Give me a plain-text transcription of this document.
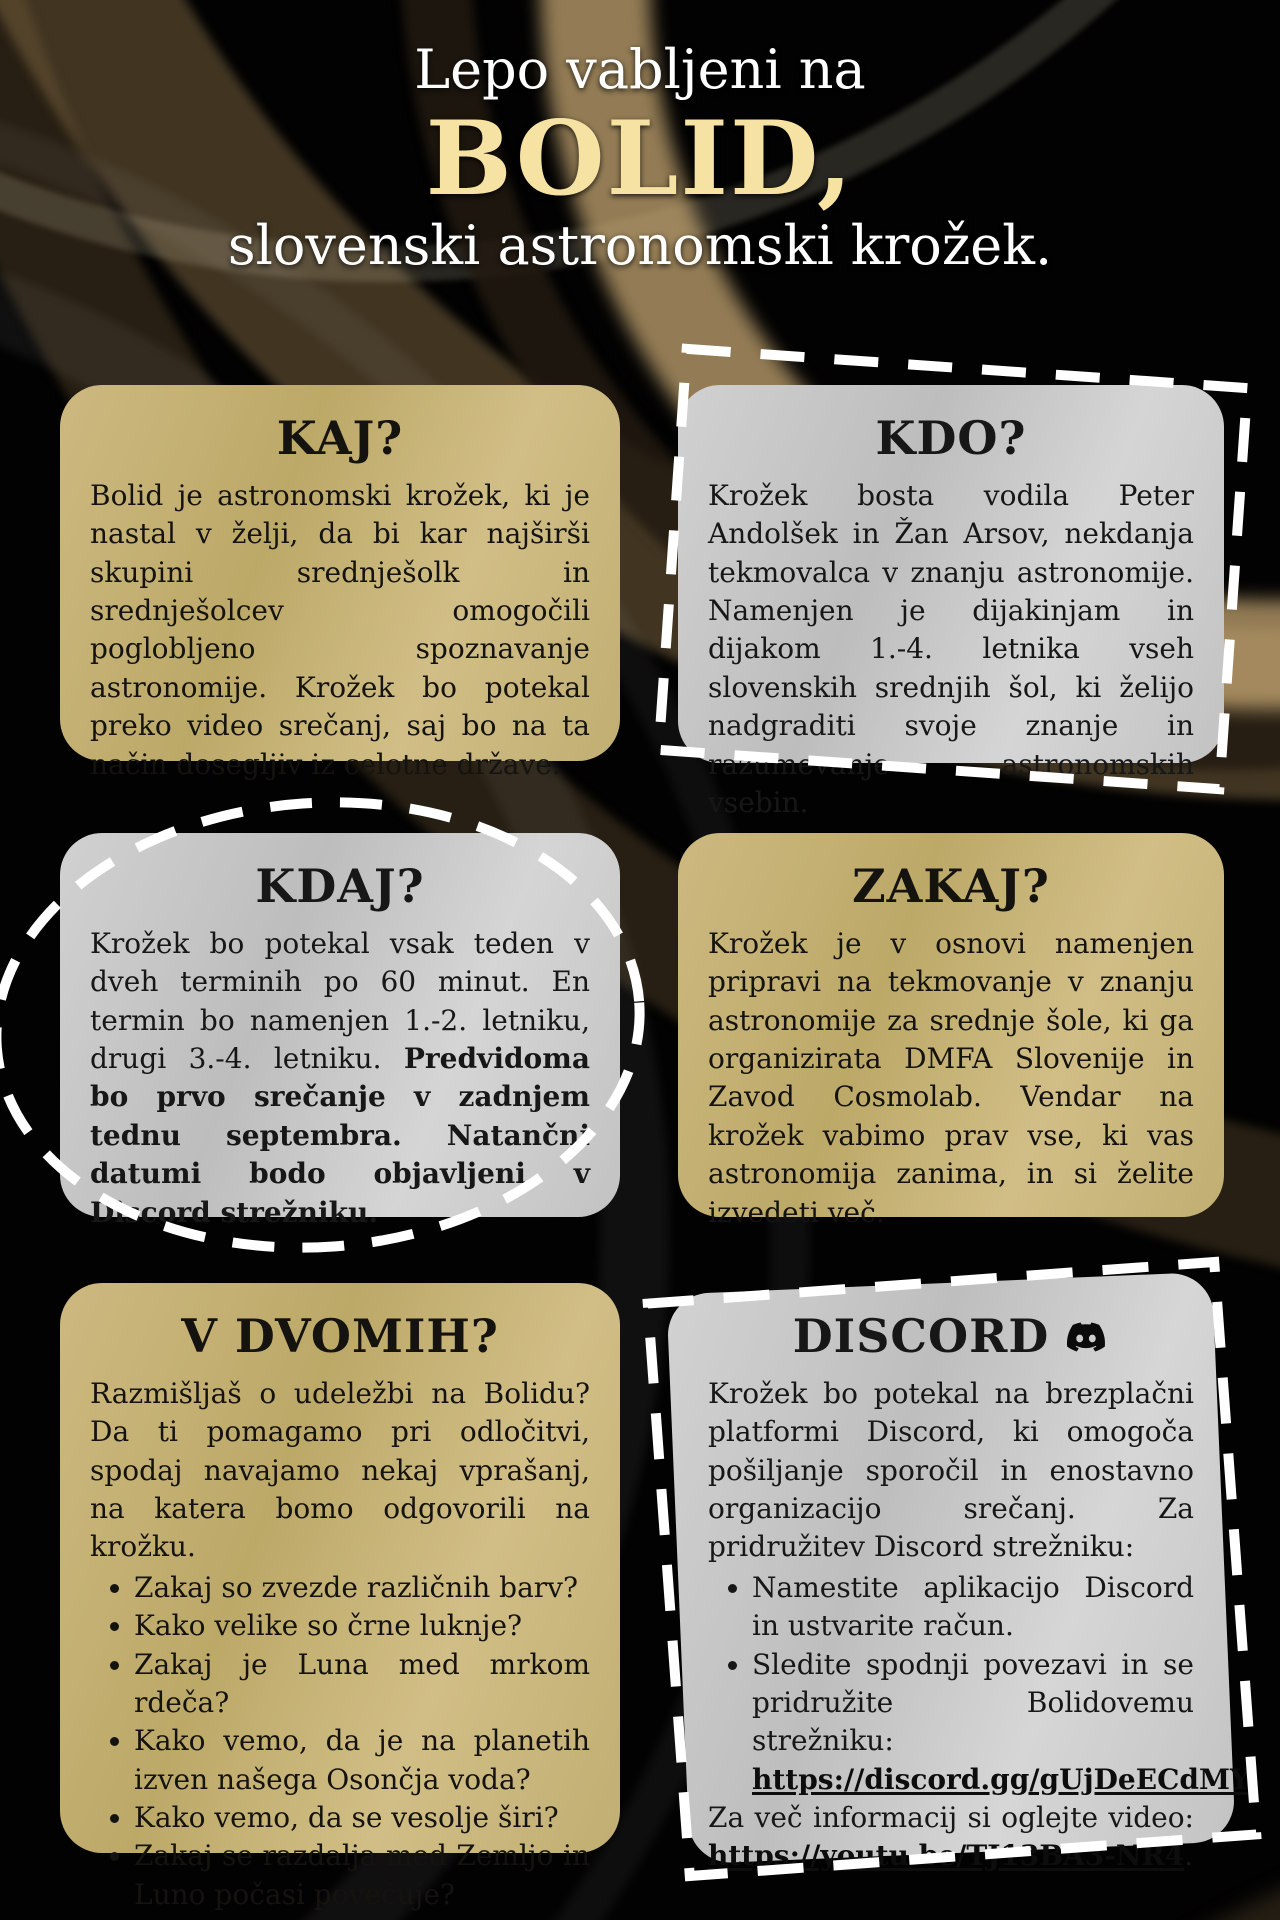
Lepo vabljeni na
BOLID,
slovenski astronomski krožek.
KAJ?

Bolid je astronomski krožek, ki je nastal v želji, da bi kar najširši skupini srednješolk in srednješolcev omogočili poglobljeno spoznavanje astronomije. Krožek bo potekal preko video srečanj, saj bo na ta način dosegljiv iz celotne države.

KDO?

Krožek bosta vodila Peter Andolšek in Žan Arsov, nekdanja tekmovalca v znanju astronomije. Namenjen je dijakinjam in dijakom 1.-4. letnika vseh slovenskih srednjih šol, ki želijo nadgraditi svoje znanje in razumevanje astronomskih vsebin.

KDAJ?

Krožek bo potekal vsak teden v dveh terminih po 60 minut. En termin bo namenjen 1.-2. letniku, drugi 3.-4. letniku. Predvidoma bo prvo srečanje v zadnjem tednu septembra. Natančni datumi bodo objavljeni v Discord strežniku.

ZAKAJ?

Krožek je v osnovi namenjen pripravi na tekmovanje v znanju astronomije za srednje šole, ki ga organizirata DMFA Slovenije in Zavod Cosmolab. Vendar na krožek vabimo prav vse, ki vas astronomija zanima, in si želite izvedeti več.

V DVOMIH?

Razmišljaš o udeležbi na Bolidu? Da ti pomagamo pri odločitvi, spodaj navajamo nekaj vprašanj, na katera bomo odgovorili na krožku.

• Zakaj so zvezde različnih barv?
• Kako velike so črne luknje?
• Zakaj je Luna med mrkom rdeča?
• Kako vemo, da je na planetih izven našega Osončja voda?
• Kako vemo, da se vesolje širi?
• Zakaj se razdalja med Zemljo in Luno počasi povečuje?
DISCORD

Krožek bo potekal na brezplačni platformi Discord, ki omogoča pošiljanje sporočil in enostavno organizacijo srečanj. Za pridružitev Discord strežniku:

• Namestite aplikacijo Discord in ustvarite račun.
• Sledite spodnji povezavi in se pridružite Bolidovemu strežniku: https://discord.gg/gUjDeECdMY.

Za več informacij si oglejte video: https://youtu.be/TJ13BA3-NR4.
